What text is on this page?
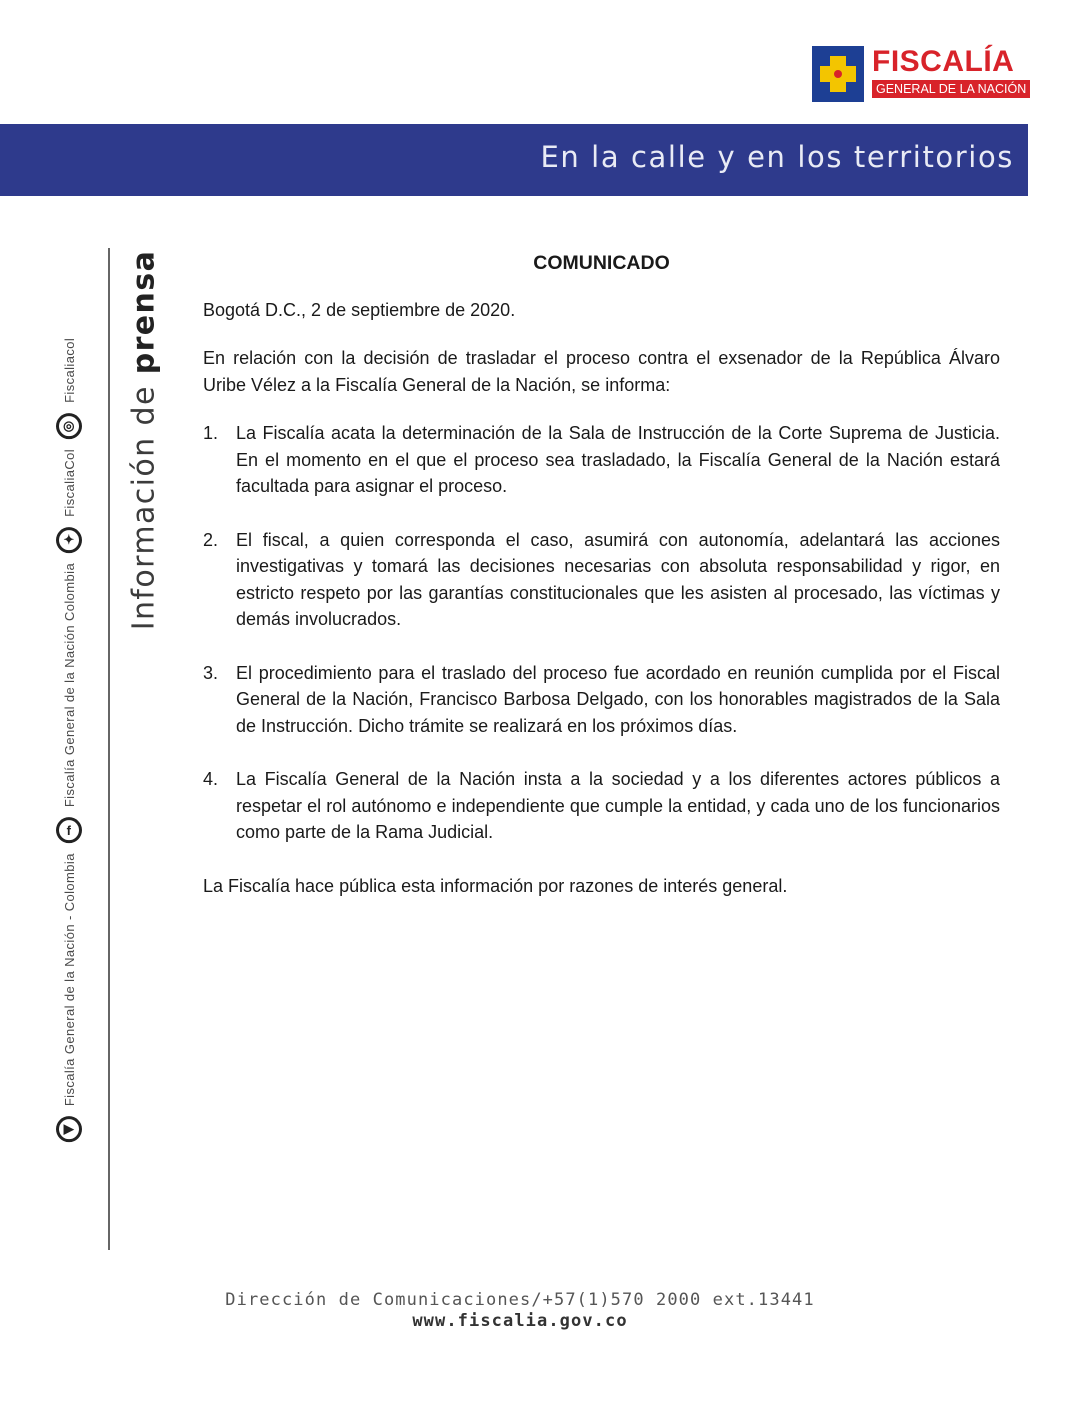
FISCALÍA
GENERAL DE LA NACIÓN
En la calle y en los territorios
▶
Fiscalía General de la Nación - Colombia
f
Fiscalía General de la Nación Colombia
✦
FiscaliaCol
◎
Fiscaliacol
Información de prensa	COMUNICADO
Bogotá D.C., 2 de septiembre de 2020.
En relación con la decisión de trasladar el proceso contra el exsenador de la República Álvaro Uribe Vélez a la Fiscalía General de la Nación, se informa:
1. La Fiscalía acata la determinación de la Sala de Instrucción de la Corte Suprema de Justicia. En el momento en el que el proceso sea trasladado, la Fiscalía General de la Nación estará facultada para asignar el proceso.
2. El fiscal, a quien corresponda el caso, asumirá con autonomía, adelantará las acciones investigativas y tomará las decisiones necesarias con absoluta responsabilidad y rigor, en estricto respeto por las garantías constitucionales que les asisten al procesado, las víctimas y demás involucrados.
3. El procedimiento para el traslado del proceso fue acordado en reunión cumplida por el Fiscal General de la Nación, Francisco Barbosa Delgado, con los honorables magistrados de la Sala de Instrucción. Dicho trámite se realizará en los próximos días.
4. La Fiscalía General de la Nación insta a la sociedad y a los diferentes actores públicos a respetar el rol autónomo e independiente que cumple la entidad, y cada uno de los funcionarios como parte de la Rama Judicial.
La Fiscalía hace pública esta información por razones de interés general.
Dirección de Comunicaciones/+57(1)570 2000 ext.13441
www.fiscalia.gov.co
